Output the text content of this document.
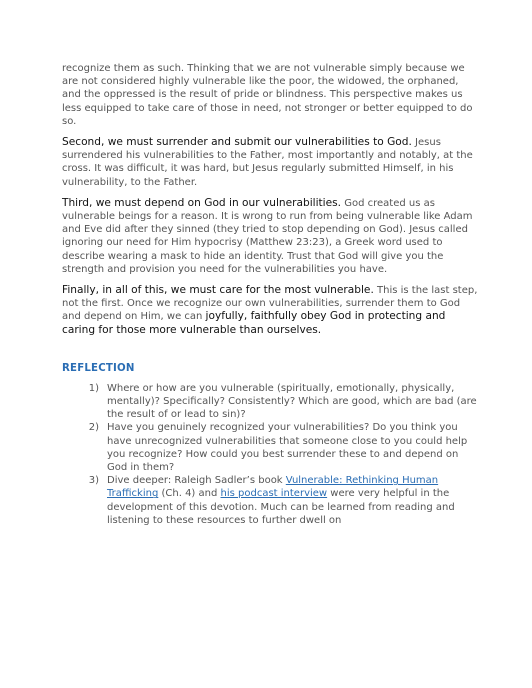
recognize them as such. Thinking that we are not vulnerable simply because we are not considered highly vulnerable like the poor, the widowed, the orphaned, and the oppressed is the result of pride or blindness. This perspective makes us less equipped to take care of those in need, not stronger or better equipped to do so.

Second, we must surrender and submit our vulnerabilities to God. Jesus surrendered his vulnerabilities to the Father, most importantly and notably, at the cross. It was difficult, it was hard, but Jesus regularly submitted Himself, in his vulnerability, to the Father.

Third, we must depend on God in our vulnerabilities. God created us as vulnerable beings for a reason. It is wrong to run from being vulnerable like Adam and Eve did after they sinned (they tried to stop depending on God). Jesus called ignoring our need for Him hypocrisy (Matthew 23:23), a Greek word used to describe wearing a mask to hide an identity. Trust that God will give you the strength and provision you need for the vulnerabilities you have.

Finally, in all of this, we must care for the most vulnerable. This is the last step, not the first. Once we recognize our own vulnerabilities, surrender them to God and depend on Him, we can joyfully, faithfully obey God in protecting and caring for those more vulnerable than ourselves.

REFLECTION
1) Where or how are you vulnerable (spiritually, emotionally, physically, mentally)? Specifically? Consistently? Which are good, which are bad (are the result of or lead to sin)?
2) Have you genuinely recognized your vulnerabilities? Do you think you have unrecognized vulnerabilities that someone close to you could help you recognize? How could you best surrender these to and depend on God in them?
3) Dive deeper: Raleigh Sadler’s book Vulnerable: Rethinking Human Trafficking (Ch. 4) and his podcast interview were very helpful in the development of this devotion. Much can be learned from reading and listening to these resources to further dwell on
